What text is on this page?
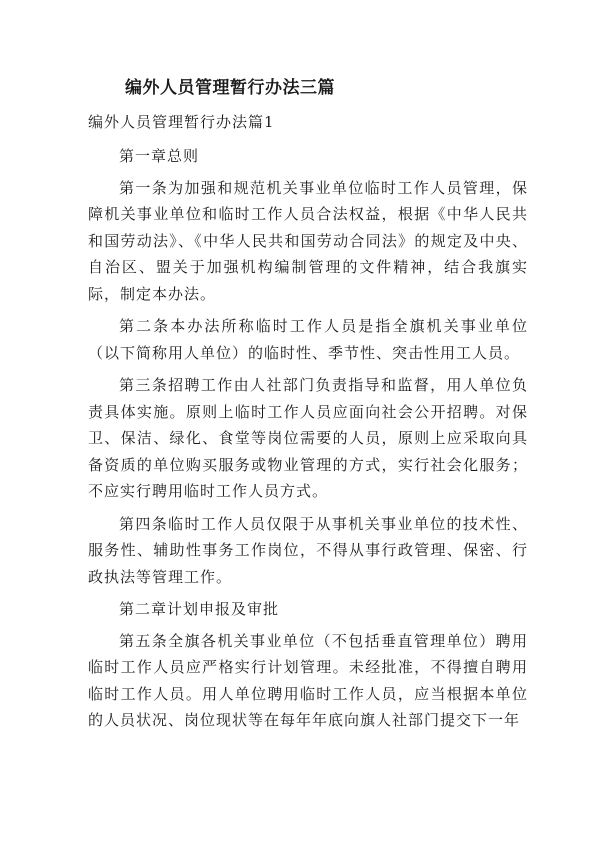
编外人员管理暂行办法三篇
编外人员管理暂行办法篇1

第一章总则

第一条为加强和规范机关事业单位临时工作人员管理，保障机关事业单位和临时工作人员合法权益，根据《中华人民共和国劳动法》、《中华人民共和国劳动合同法》的规定及中央、自治区、盟关于加强机构编制管理的文件精神，结合我旗实际，制定本办法。

第二条本办法所称临时工作人员是指全旗机关事业单位（以下简称用人单位）的临时性、季节性、突击性用工人员。

第三条招聘工作由人社部门负责指导和监督，用人单位负责具体实施。原则上临时工作人员应面向社会公开招聘。对保卫、保洁、绿化、食堂等岗位需要的人员，原则上应采取向具备资质的单位购买服务或物业管理的方式，实行社会化服务；不应实行聘用临时工作人员方式。

第四条临时工作人员仅限于从事机关事业单位的技术性、服务性、辅助性事务工作岗位，不得从事行政管理、保密、行政执法等管理工作。

第二章计划申报及审批

第五条全旗各机关事业单位（不包括垂直管理单位）聘用临时工作人员应严格实行计划管理。未经批准，不得擅自聘用临时工作人员。用人单位聘用临时工作人员，应当根据本单位的人员状况、岗位现状等在每年年底向旗人社部门提交下一年
